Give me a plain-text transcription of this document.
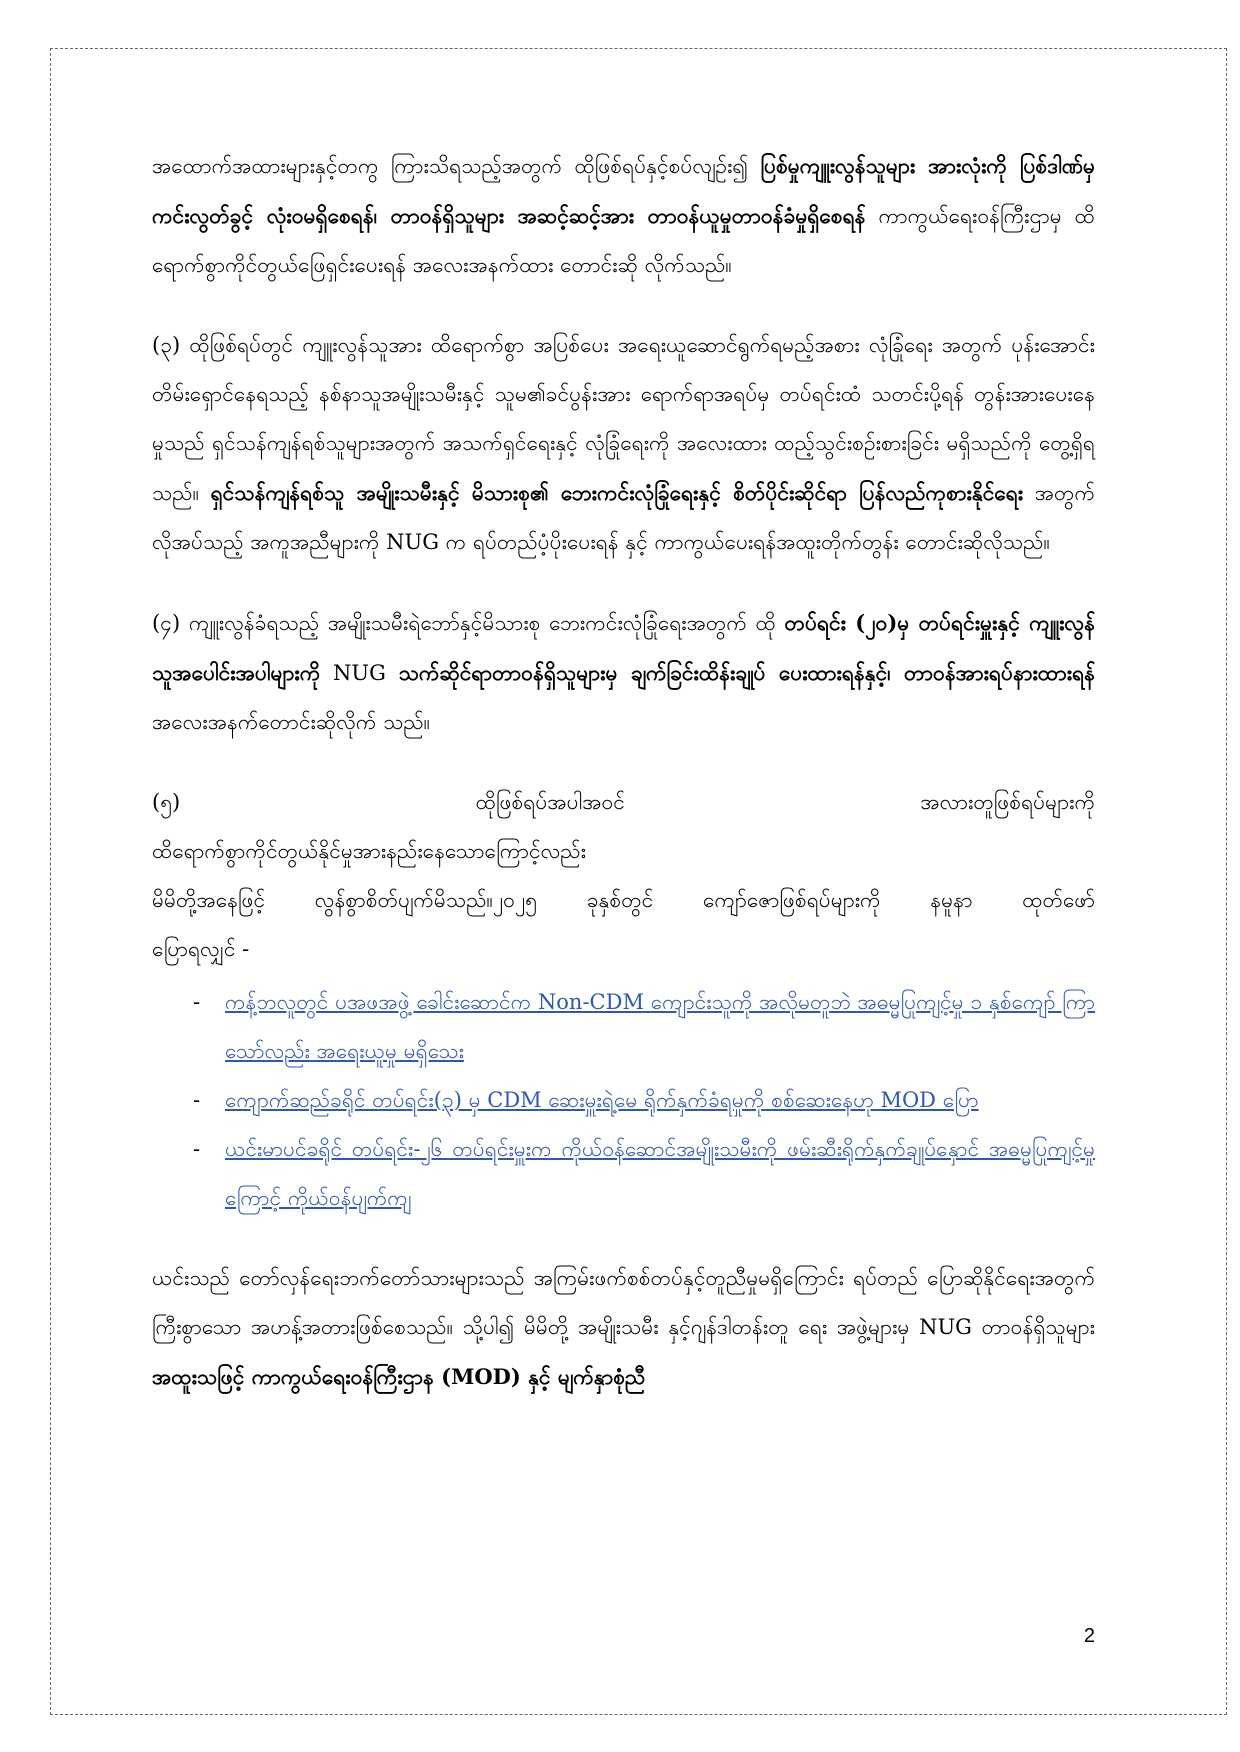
အထောက်အထားများနှင့်တကွ ကြားသိရသည့်အတွက် ထိုဖြစ်ရပ်နှင့်စပ်လျဉ်း၍ ပြစ်မှုကျူးလွန်သူများ အားလုံးကို ပြစ်ဒါဏ်မှကင်းလွတ်ခွင့် လုံးဝမရှိစေရန်၊ တာဝန်ရှိသူများ အဆင့်ဆင့်အား တာဝန်ယူမှုတာဝန်ခံမှုရှိစေရန် ကာကွယ်ရေးဝန်ကြီးဌာမှ ထိရောက်စွာကိုင်တွယ်ဖြေရှင်းပေးရန် အလေးအနက်ထား တောင်းဆို လိုက်သည်။

(၃) ထိုဖြစ်ရပ်တွင် ကျူးလွန်သူအား ထိရောက်စွာ အပြစ်ပေး အရေးယူဆောင်ရွက်ရမည့်အစား လုံခြုံရေး အတွက် ပုန်းအောင်းတိမ်းရှောင်နေရသည့် နစ်နာသူအမျိုးသမီးနှင့် သူမ၏ခင်ပွန်းအား ရောက်ရာအရပ်မှ တပ်ရင်းထံ သတင်းပို့ရန် တွန်းအားပေးနေမှုသည် ရှင်သန်ကျန်ရစ်သူများအတွက် အသက်ရှင်ရေးနှင့် လုံခြုံရေးကို အလေးထား ထည့်သွင်းစဉ်းစားခြင်း မရှိသည်ကို တွေ့ရှိရသည်။ ရှင်သန်ကျန်ရစ်သူ အမျိုးသမီးနှင့် မိသားစု၏ ဘေးကင်းလုံခြုံရေးနှင့် စိတ်ပိုင်းဆိုင်ရာ ပြန်လည်ကုစားနိုင်ရေး အတွက် လိုအပ်သည့် အကူအညီများကို NUG က ရပ်တည်ပံ့ပိုးပေးရန် နှင့် ကာကွယ်ပေးရန်အထူးတိုက်တွန်း တောင်းဆိုလိုသည်။

(၄) ကျူးလွန်ခံရသည့် အမျိုးသမီးရဲဘော်နှင့်မိသားစု ဘေးကင်းလုံခြုံရေးအတွက် ထို တပ်ရင်း (၂၀)မှ တပ်ရင်းမှူးနှင့် ကျူးလွန်သူအပေါင်းအပါများကို NUG သက်ဆိုင်ရာတာဝန်ရှိသူများမှ ချက်ခြင်းထိန်းချုပ် ပေးထားရန်နှင့်၊ တာဝန်အားရပ်နားထားရန် အလေးအနက်တောင်းဆိုလိုက် သည်။

(၅) ထိုဖြစ်ရပ်အပါအဝင် အလားတူဖြစ်ရပ်များကို
ထိရောက်စွာကိုင်တွယ်နိုင်မှုအားနည်းနေသောကြောင့်လည်း
မိမိတို့အနေဖြင့် လွန်စွာစိတ်ပျက်မိသည်။၂၀၂၅ ခုနှစ်တွင် ကျော်ဇောဖြစ်ရပ်များကို နမူနာ ထုတ်ဖော်
ပြောရလျှင် -
- ကန့်ဘလူတွင် ပအဖအဖွဲ့ ခေါင်းဆောင်က Non-CDM ကျောင်းသူကို အလိုမတူဘဲ အဓမ္မပြုကျင့်မှု ၁ နှစ်ကျော် ကြာသော်လည်း အရေးယူမှု မရှိသေး
- ကျောက်ဆည်ခရိုင် တပ်ရင်း(၃) မှ CDM ဆေးမှူးရဲ့မေ ရိုက်နှက်ခံရမှုကို စစ်ဆေးနေဟု MOD ပြော
- ယင်းမာပင်ခရိုင် တပ်ရင်း-၂၆ တပ်ရင်းမှူးက ကိုယ်ဝန်ဆောင်အမျိုးသမီးကို ဖမ်းဆီးရိုက်နှက်ချုပ်နှောင် အဓမ္မပြုကျင့်မှုကြောင့် ကိုယ်ဝန်ပျက်ကျ

ယင်းသည် တော်လှန်ရေးဘက်တော်သားများသည် အကြမ်းဖက်စစ်တပ်နှင့်တူညီမှုမရှိကြောင်း ရပ်တည် ပြောဆိုနိုင်ရေးအတွက် ကြီးစွာသော အဟန့်အတားဖြစ်စေသည်။ သို့ပါ၍ မိမိတို့ အမျိုးသမီး နှင့်ဂျန်ဒါတန်းတူ ရေး အဖွဲ့များမှ NUG တာဝန်ရှိသူများ အထူးသဖြင့် ကာကွယ်ရေးဝန်ကြီးဌာန (MOD) နှင့် မျက်နှာစုံညီ

2
